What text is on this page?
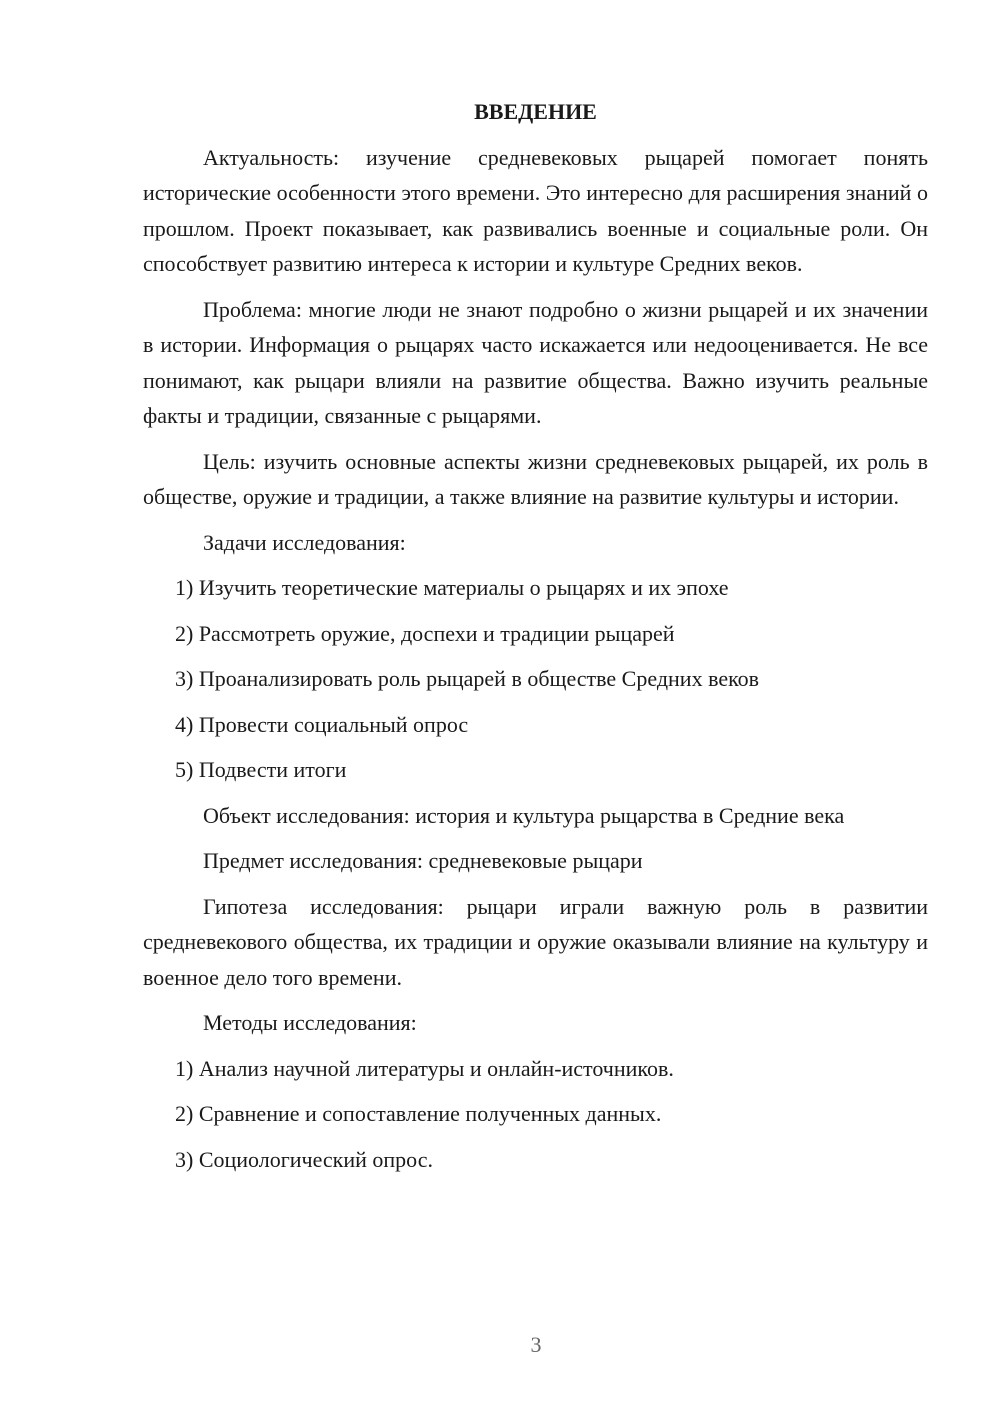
ВВЕДЕНИЕ
Актуальность: изучение средневековых рыцарей помогает понять исторические особенности этого времени. Это интересно для расширения знаний о прошлом. Проект показывает, как развивались военные и социальные роли. Он способствует развитию интереса к истории и культуре Средних веков.
Проблема: многие люди не знают подробно о жизни рыцарей и их значении в истории. Информация о рыцарях часто искажается или недооценивается. Не все понимают, как рыцари влияли на развитие общества. Важно изучить реальные факты и традиции, связанные с рыцарями.
Цель: изучить основные аспекты жизни средневековых рыцарей, их роль в обществе, оружие и традиции, а также влияние на развитие культуры и истории.
Задачи исследования:
1) Изучить теоретические материалы о рыцарях и их эпохе
2) Рассмотреть оружие, доспехи и традиции рыцарей
3) Проанализировать роль рыцарей в обществе Средних веков
4) Провести социальный опрос
5) Подвести итоги
Объект исследования: история и культура рыцарства в Средние века
Предмет исследования: средневековые рыцари
Гипотеза исследования: рыцари играли важную роль в развитии средневекового общества, их традиции и оружие оказывали влияние на культуру и военное дело того времени.
Методы исследования:
1) Анализ научной литературы и онлайн-источников.
2) Сравнение и сопоставление полученных данных.
3) Социологический опрос.
3
